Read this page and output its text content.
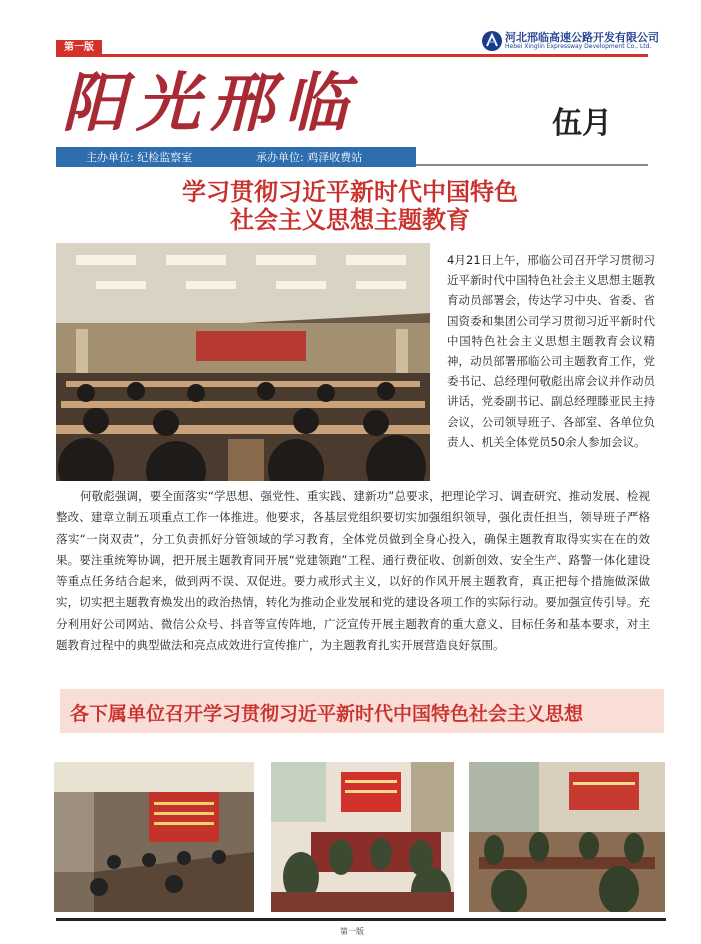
第一版
河北邢临高速公路开发有限公司
Hebei Xinglin Expressway Development Co., Ltd.
阳光邢临	伍月
主办单位: 纪检监察室	承办单位: 鸡泽收费站
学习贯彻习近平新时代中国特色
社会主义思想主题教育
4月21日上午，邢临公司召开学习贯彻习近平新时代中国特色社会主义思想主题教育动员部署会，传达学习中央、省委、省国资委和集团公司学习贯彻习近平新时代中国特色社会主义思想主题教育会议精神，动员部署邢临公司主题教育工作，党委书记、总经理何敬彪出席会议并作动员讲话，党委副书记、副总经理滕亚民主持会议，公司领导班子、各部室、各单位负责人、机关全体党员50余人参加会议。
何敬彪强调，要全面落实“学思想、强党性、重实践、建新功”总要求，把理论学习、调查研究、推动发展、检视整改、建章立制五项重点工作一体推进。他要求，各基层党组织要切实加强组织领导，强化责任担当，领导班子严格落实“一岗双责”，分工负责抓好分管领域的学习教育，全体党员做到全身心投入，确保主题教育取得实实在在的效果。要注重统筹协调，把开展主题教育同开展“党建领跑”工程、通行费征收、创新创效、安全生产、路警一体化建设等重点任务结合起来，做到两不误、双促进。要力戒形式主义，以好的作风开展主题教育，真正把每个措施做深做实，切实把主题教育焕发出的政治热情，转化为推动企业发展和党的建设各项工作的实际行动。要加强宣传引导。充分利用好公司网站、微信公众号、抖音等宣传阵地，广泛宣传开展主题教育的重大意义、目标任务和基本要求，对主题教育过程中的典型做法和亮点成效进行宣传推广，为主题教育扎实开展营造良好氛围。
各下属单位召开学习贯彻习近平新时代中国特色社会主义思想
第一版
